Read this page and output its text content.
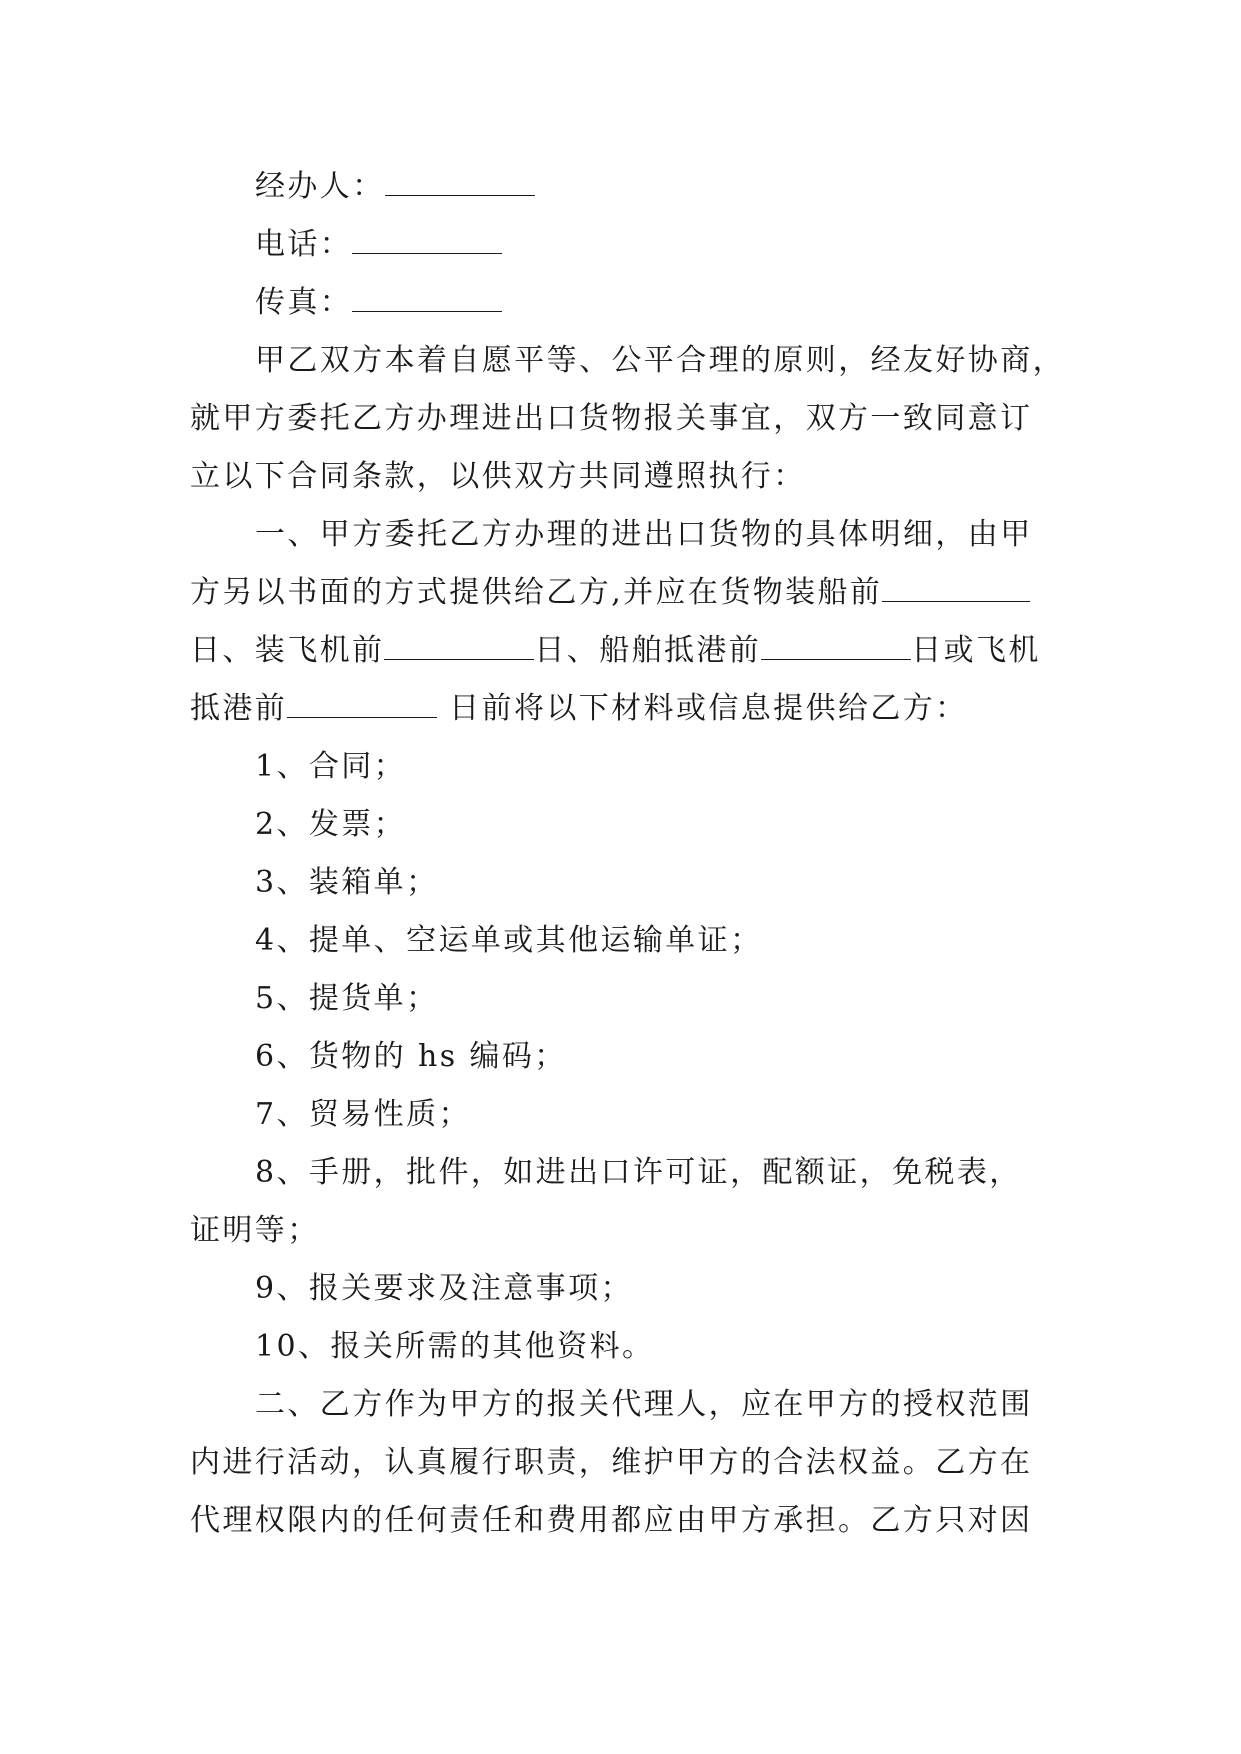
经办人：
电话：
传真：
甲乙双方本着自愿平等、公平合理的原则，经友好协商，
就甲方委托乙方办理进出口货物报关事宜，双方一致同意订
立以下合同条款，以供双方共同遵照执行：
一、甲方委托乙方办理的进出口货物的具体明细，由甲
方另以书面的方式提供给乙方,并应在货物装船前
日、装飞机前	日、船舶抵港前	日或飞机
抵港前	日前将以下材料或信息提供给乙方：
1、合同；
2、发票；
3、装箱单；
4、提单、空运单或其他运输单证；
5、提货单；
6、货物的 hs 编码；
7、贸易性质；
8、手册，批件，如进出口许可证，配额证，免税表，
证明等；
9、报关要求及注意事项；
10、报关所需的其他资料。
二、乙方作为甲方的报关代理人，应在甲方的授权范围
内进行活动，认真履行职责，维护甲方的合法权益。乙方在
代理权限内的任何责任和费用都应由甲方承担。乙方只对因
